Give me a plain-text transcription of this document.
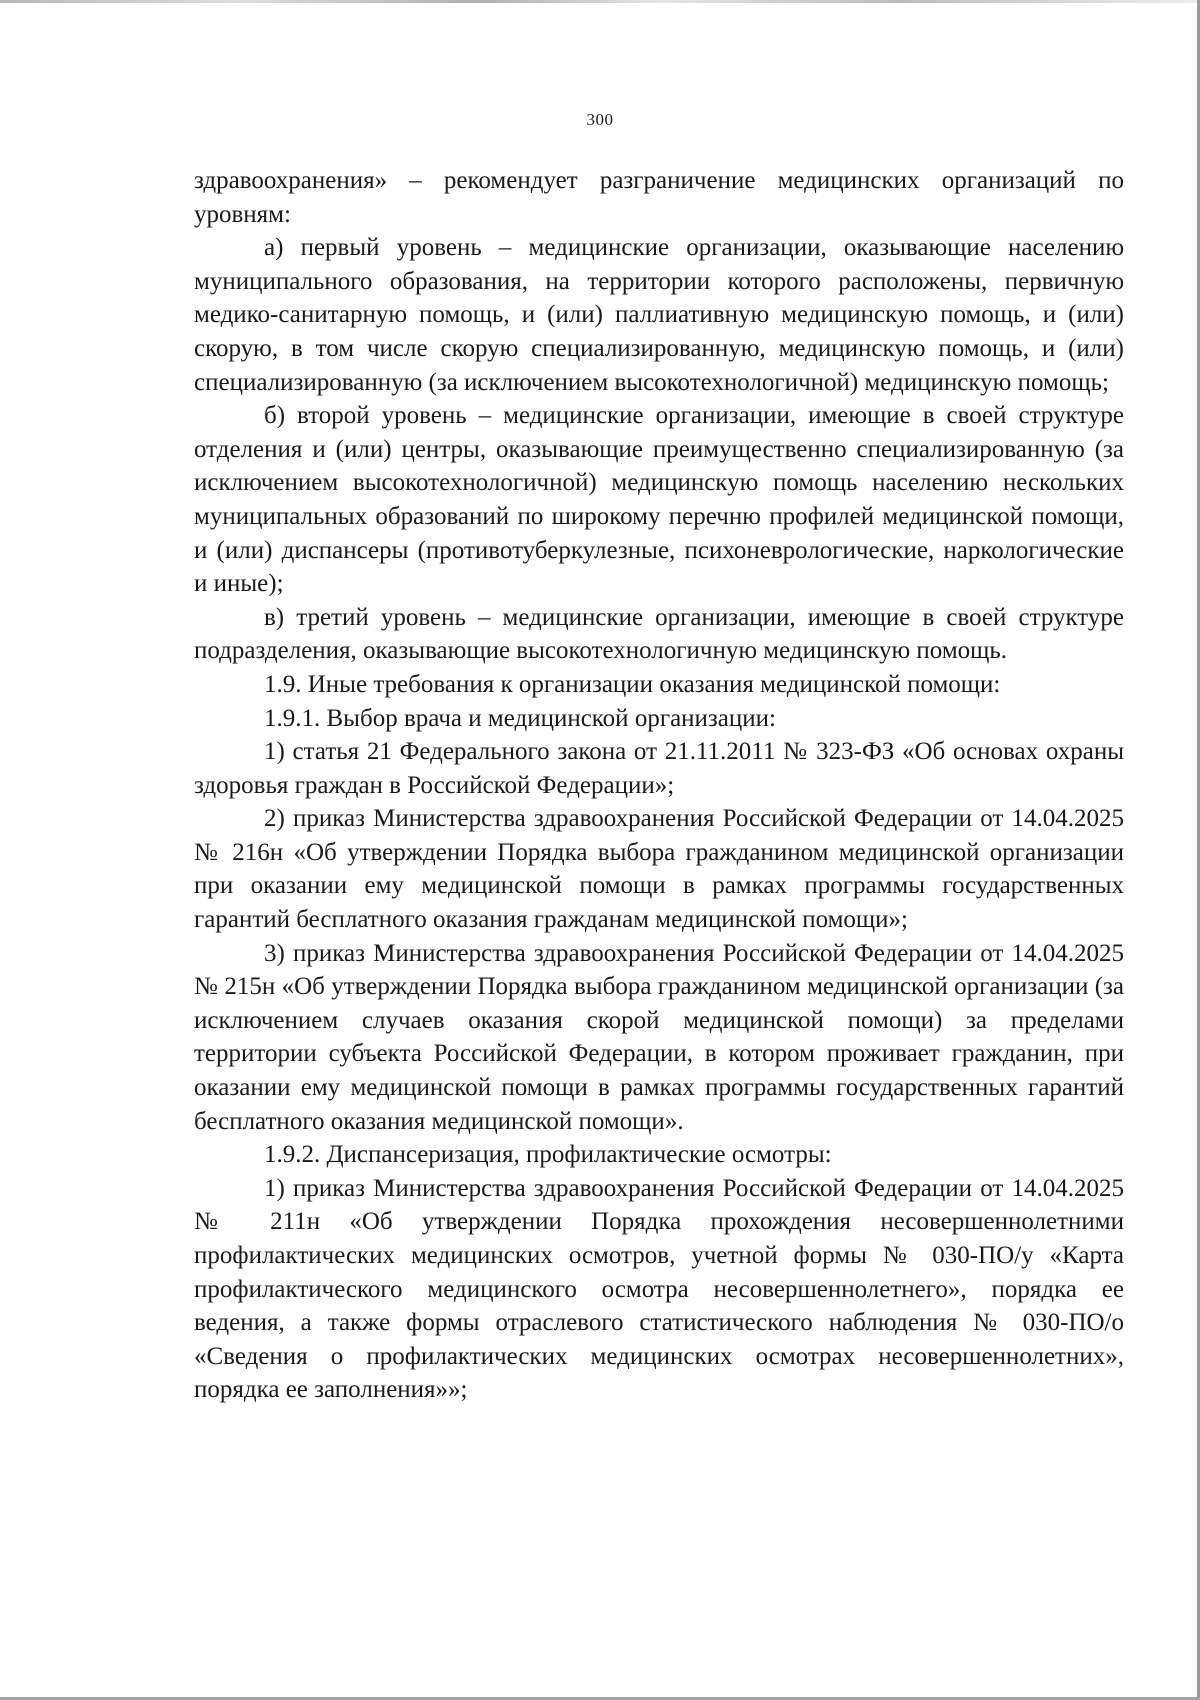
300

здравоохранения» – рекомендует разграничение медицинских организаций по уровням:

а) первый уровень – медицинские организации, оказывающие населению муниципального образования, на территории которого расположены, первичную медико-санитарную помощь, и (или) паллиативную медицинскую помощь, и (или) скорую, в том числе скорую специализированную, медицинскую помощь, и (или) специализированную (за исключением высокотехнологичной) медицинскую помощь;

б) второй уровень – медицинские организации, имеющие в своей структуре отделения и (или) центры, оказывающие преимущественно специализированную (за исключением высокотехнологичной) медицинскую помощь населению нескольких муниципальных образований по широкому перечню профилей медицинской помощи, и (или) диспансеры (противотуберкулезные, психоневрологические, наркологические и иные);

в) третий уровень – медицинские организации, имеющие в своей структуре подразделения, оказывающие высокотехнологичную медицинскую помощь.

1.9. Иные требования к организации оказания медицинской помощи:

1.9.1. Выбор врача и медицинской организации:

1) статья 21 Федерального закона от 21.11.2011 № 323-ФЗ «Об основах охраны здоровья граждан в Российской Федерации»;

2) приказ Министерства здравоохранения Российской Федерации от 14.04.2025 № 216н «Об утверждении Порядка выбора гражданином медицинской организации при оказании ему медицинской помощи в рамках программы государственных гарантий бесплатного оказания гражданам медицинской помощи»;

3) приказ Министерства здравоохранения Российской Федерации от 14.04.2025 № 215н «Об утверждении Порядка выбора гражданином медицинской организации (за исключением случаев оказания скорой медицинской помощи) за пределами территории субъекта Российской Федерации, в котором проживает гражданин, при оказании ему медицинской помощи в рамках программы государственных гарантий бесплатного оказания медицинской помощи».

1.9.2. Диспансеризация, профилактические осмотры:

1) приказ Министерства здравоохранения Российской Федерации от 14.04.2025 № 211н «Об утверждении Порядка прохождения несовершеннолетними профилактических медицинских осмотров, учетной формы № 030-ПО/у «Карта профилактического медицинского осмотра несовершеннолетнего», порядка ее ведения, а также формы отраслевого статистического наблюдения № 030-ПО/о «Сведения о профилактических медицинских осмотрах несовершеннолетних», порядка ее заполнения»»;
